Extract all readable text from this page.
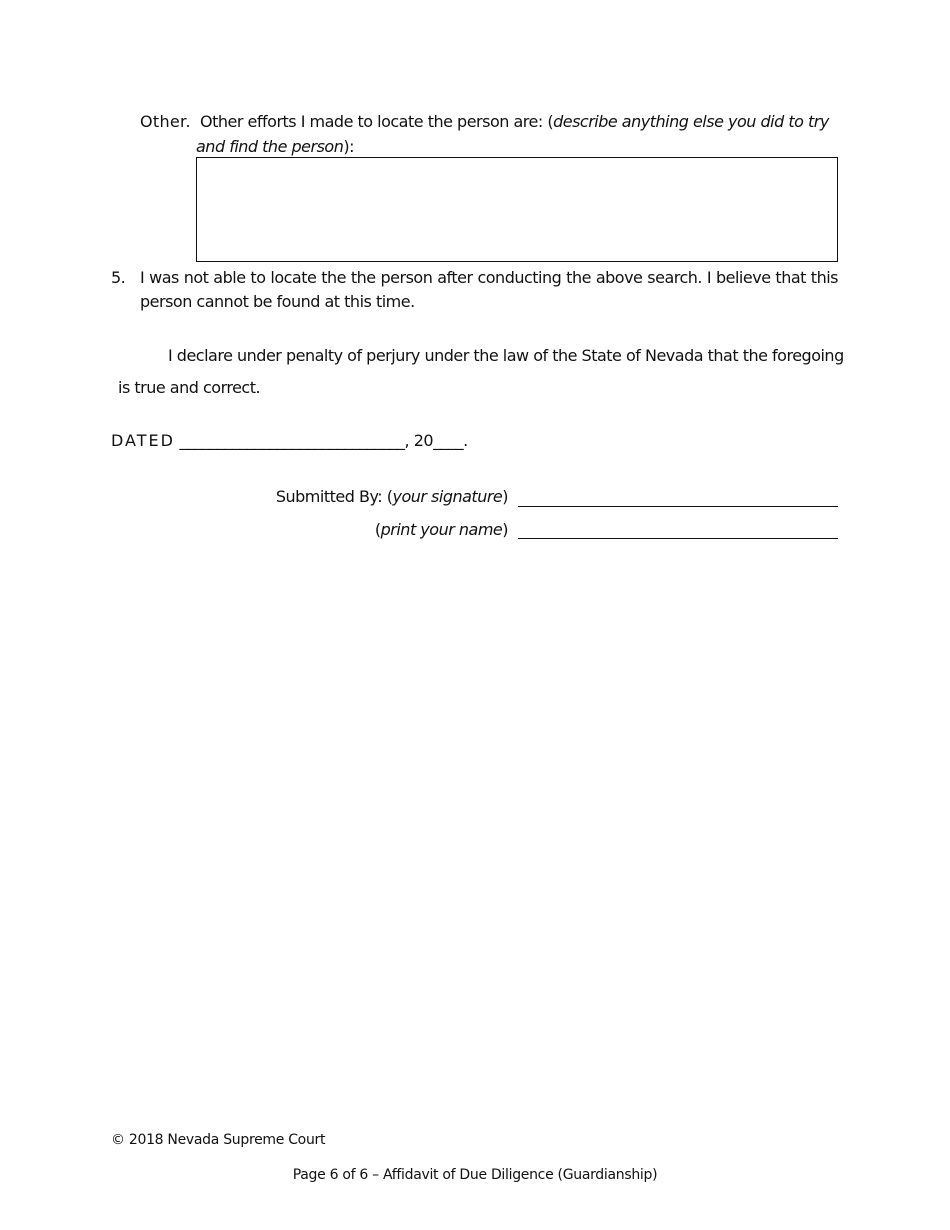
Other. Other efforts I made to locate the person are: (describe anything else you did to try
and find the person):
5. I was not able to locate the the person after conducting the above search. I believe that this
person cannot be found at this time.
I declare under penalty of perjury under the law of the State of Nevada that the foregoing
is true and correct.
DATED ______________________________, 20____.
Submitted By: (your signature)
(print your name)
© 2018 Nevada Supreme Court
Page 6 of 6 – Affidavit of Due Diligence (Guardianship)
